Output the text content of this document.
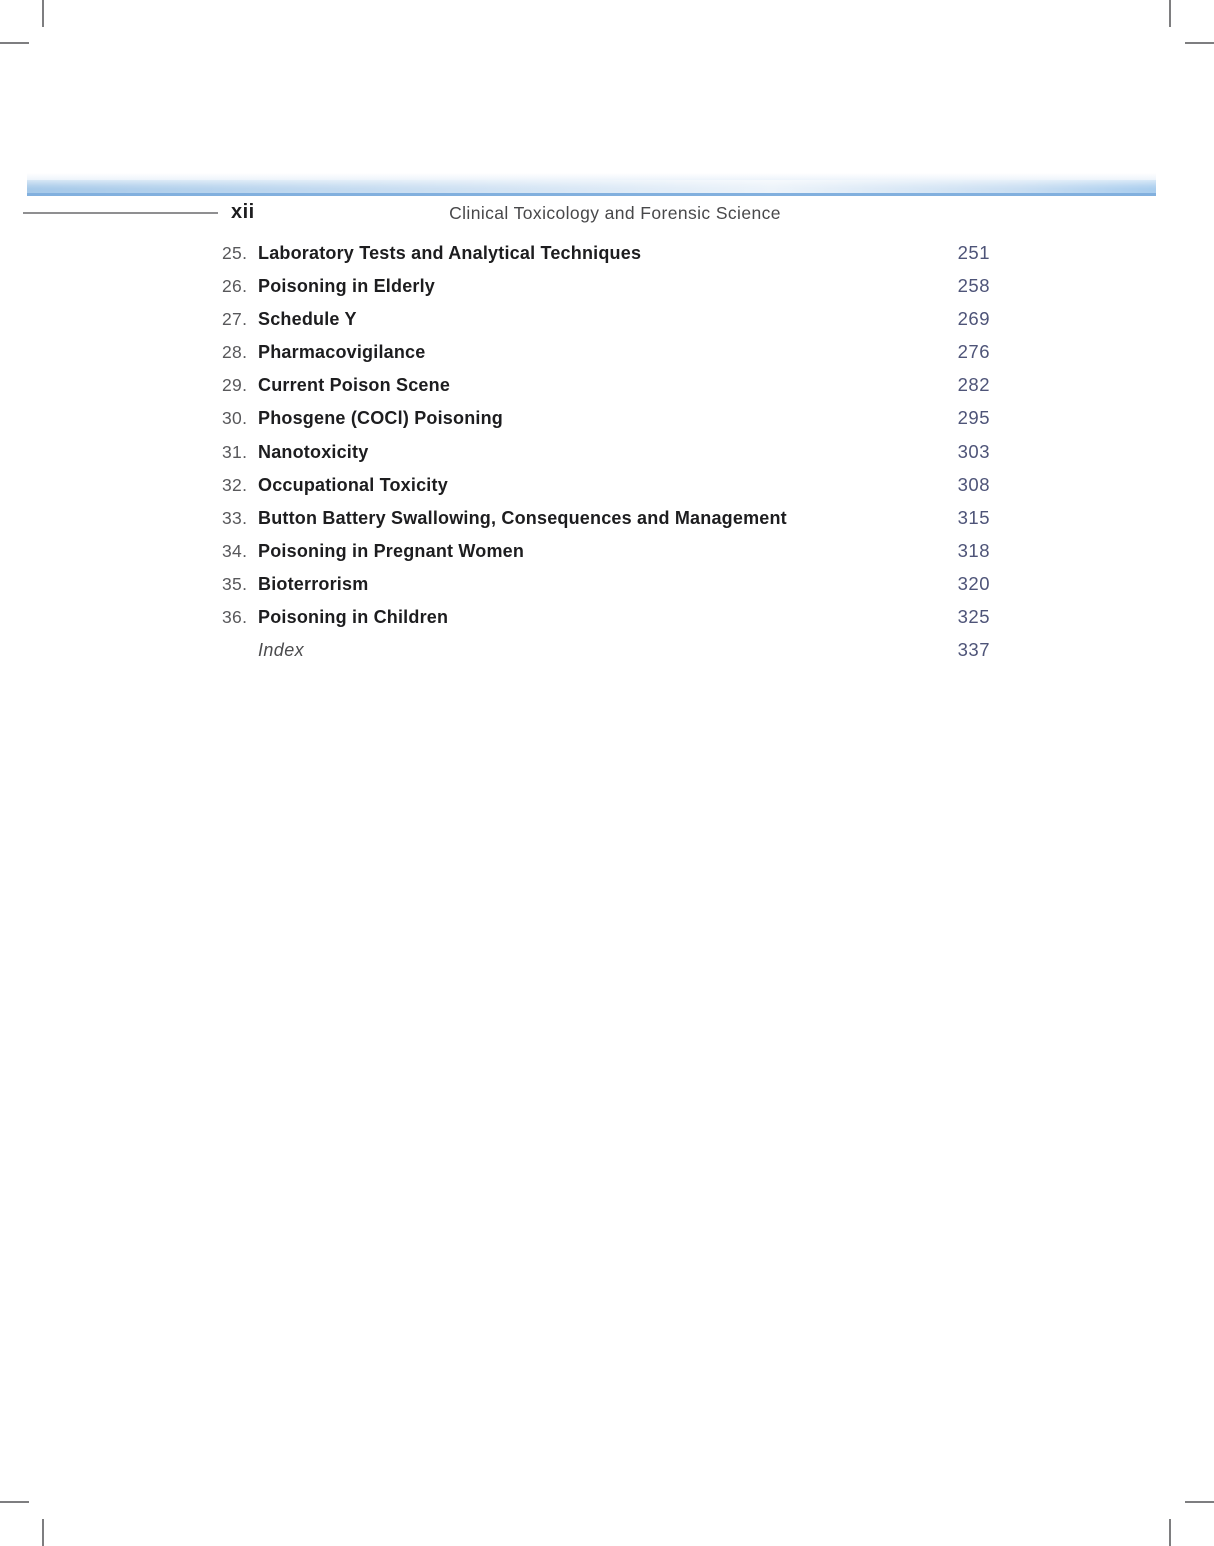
xii	Clinical Toxicology and Forensic Science
25. Laboratory Tests and Analytical Techniques	251
26. Poisoning in Elderly	258
27. Schedule Y	269
28. Pharmacovigilance	276
29. Current Poison Scene	282
30. Phosgene (COCl) Poisoning	295
31. Nanotoxicity	303
32. Occupational Toxicity	308
33. Button Battery Swallowing, Consequences and Management	315
34. Poisoning in Pregnant Women	318
35. Bioterrorism	320
36. Poisoning in Children	325
Index	337
